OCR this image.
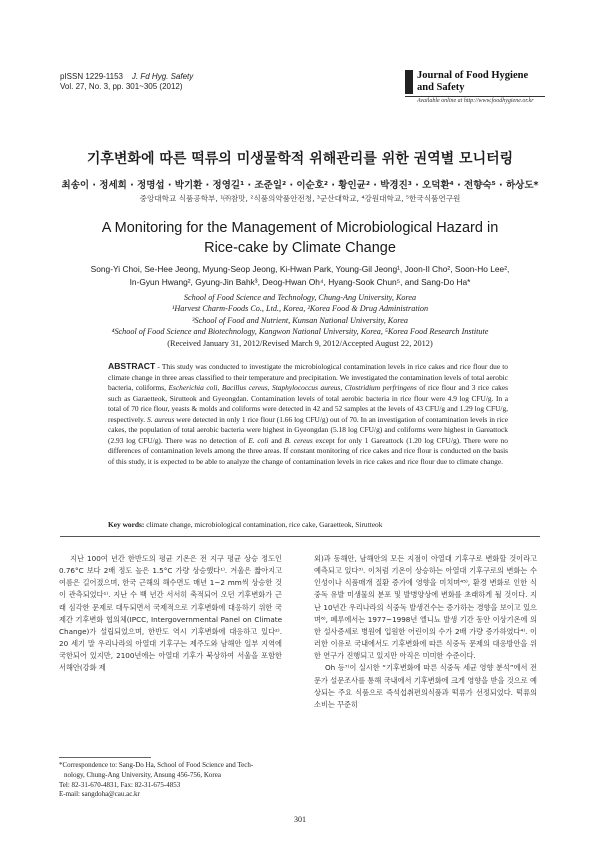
pISSN 1229-1153 J. Fd Hyg. Safety
Vol. 27, No. 3, pp. 301~305 (2012)
Journal of Food Hygiene
and Safety
Available online at http://www.foodhygiene.or.kr
기후변화에 따른 떡류의 미생물학적 위해관리를 위한 권역별 모니터링
최송이 · 정세희 · 정명섭 · 박기환 · 정영길¹ · 조준일² · 이순호² · 황인균² · 박경진³ · 오덕환⁴ · 전향숙⁵ · 하상도*
중앙대학교 식품공학부, ¹㈜참맛, ²식품의약품안전청, ³군산대학교, ⁴강원대학교, ⁵한국식품연구원
A Monitoring for the Management of Microbiological Hazard in
Rice-cake by Climate Change
Song-Yi Choi, Se-Hee Jeong, Myung-Seop Jeong, Ki-Hwan Park, Young-Gil Jeong¹, Joon-Il Cho², Soon-Ho Lee²,
In-Gyun Hwang², Gyung-Jin Bahk³, Deog-Hwan Oh⁴, Hyang-Sook Chun⁵, and Sang-Do Ha*
School of Food Science and Technology, Chung-Ang University, Korea
¹Harvest Charm-Foods Co., Ltd., Korea, ²Korea Food & Drug Administration
³School of Food and Nutrient, Kunsan National University, Korea
⁴School of Food Science and Biotechnology, Kangwon National University, Korea, ⁵Korea Food Research Institute
(Received January 31, 2012/Revised March 9, 2012/Accepted August 22, 2012)
ABSTRACT - This study was conducted to investigate the microbiological contamination levels in rice cakes and rice flour due to climate change in three areas classified to their temperature and precipitation. We investigated the contamination levels of total aerobic bacteria, coliforms, Escherichia coli, Bacillus cereus, Staphylococcus aureus, Clostridium perfringens of rice flour and 3 rice cakes such as Garaetteok, Sirutteok and Gyeongdan. Contamination levels of total aerobic bacteria in rice flour were 4.9 log CFU/g. In a total of 70 rice flour, yeasts & molds and coliforms were detected in 42 and 52 samples at the levels of 43 CFU/g and 1.29 log CFU/g, respectively. S. aureus were detected in only 1 rice flour (1.66 log CFU/g) out of 70. In an investigation of contamination levels in rice cakes, the population of total aerobic bacteria were highest in Gyeongdan (5.18 log CFU/g) and coliforms were highest in Gareattock (2.93 log CFU/g). There was no detection of E. coli and B. cereus except for only 1 Gareattock (1.20 log CFU/g). There were no differences of contamination levels among the three areas. If constant monitoring of rice cakes and rice flour is conducted on the basis of this study, it is expected to be able to analyze the change of contamination levels in rice cakes and rice flour due to climate change.
Key words: climate change, microbiological contamination, rice cake, Garaetteok, Sirutteok

지난 100여 년간 한반도의 평균 기온은 전 지구 평균 상승 정도인 0.76°C 보다 2배 정도 높은 1.5°C 가량 상승했다¹⁾. 겨울은 짧아지고 여름은 길어졌으며, 한국 근해의 해수면도 매년 1~2 mm씩 상승한 것이 관측되었다¹⁾. 지난 수 백 년간 서서히 축적되어 오던 기후변화가 근래 심각한 문제로 대두되면서 국제적으로 기후변화에 대응하기 위한 국제간 기후변화 협의체(IPCC, Intergovernmental Panel on Climate Change)가 설립되었으며, 한반도 역시 기후변화에 대응하고 있다²⁾. 20 세기 말 우리나라의 아열대 기후구는 제주도와 남해안 일부 지역에 국한되어 있지만, 2100년에는 아열대 기후가 북상하여 서울을 포함한 서해안(강화 제

외)과 동해안, 남해안의 모든 지점이 아열대 기후구로 변화할 것이라고 예측되고 있다³⁾. 이처럼 기온이 상승하는 아열대 기후구로의 변화는 수인성이나 식품매개 질환 증가에 영향을 미치며⁴⁵⁾, 환경 변화로 인한 식중독 유발 미생물의 분포 및 발병양상에 변화를 초래하게 될 것이다. 지난 10년간 우리나라의 식중독 발생건수는 증가하는 경향을 보이고 있으며⁶⁾, 폐루에서는 1977~1998년 엘니뇨 발생 기간 동안 이상기온에 의한 설사증세로 병원에 입원한 어린이의 수가 2배 가량 증가하였다⁴⁾. 이러한 이유로 국내에서도 기후변화에 따른 식중독 문제의 대응방안을 위한 연구가 진행되고 있지만 아직은 미미한 수준이다.

Oh 등⁷⁾이 실시한 “기후변화에 따른 식중독 세균 영향 분석”에서 전문가 설문조사를 통해 국내에서 기후변화에 크게 영향을 받을 것으로 예상되는 주요 식품으로 즉석섭취편의식품과 떡류가 선정되었다. 떡류의 소비는 꾸준히

*Correspondence to: Sang-Do Ha, School of Food Science and Tech-
nology, Chung-Ang University, Ansung 456-756, Korea
Tel: 82-31-670-4831, Fax: 82-31-675-4853
E-mail: sangdoha@cau.ac.kr
301
